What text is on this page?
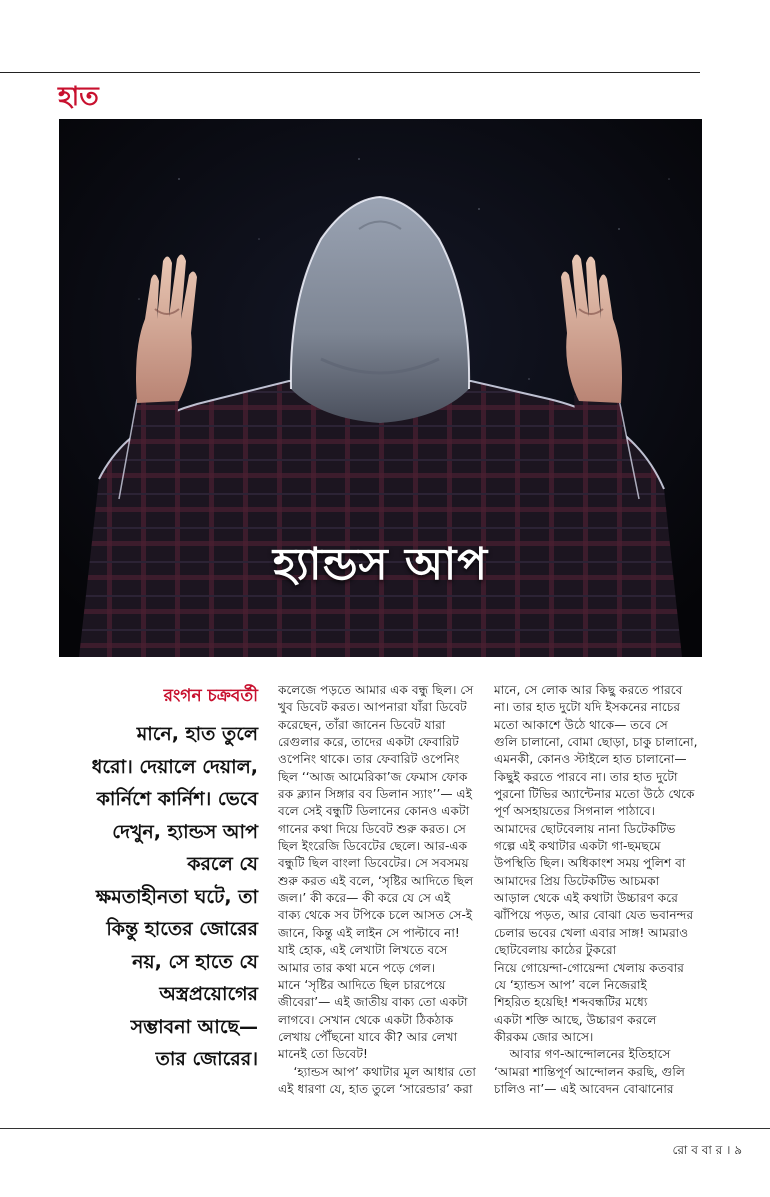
হাত
হ্যান্ডস আপ
রংগন চক্রবর্তী
মানে, হাত তুলে
ধরো। দেয়ালে দেয়াল,
কার্নিশে কার্নিশ। ভেবে
দেখুন, হ্যান্ডস আপ
করলে যে
ক্ষমতাহীনতা ঘটে, তা
কিন্তু হাতের জোরের
নয়, সে হাতে যে
অস্ত্রপ্রয়োগের
সম্ভাবনা আছে—
তার জোরের।
কলেজে পড়তে আমার এক বন্ধু ছিল। সে
খুব ডিবেট করত। আপনারা যাঁরা ডিবেট
করেছেন, তাঁরা জানেন ডিবেট যারা
রেগুলার করে, তাদের একটা ফেবারিট
ওপেনিং থাকে। তার ফেবারিট ওপেনিং
ছিল ‘‘আজ আমেরিকা’জ ফেমাস ফোক
রক ক্ল্যান সিঙ্গার বব ডিলান স্যাং’’— এই
বলে সেই বন্ধুটি ডিলানের কোনও একটা
গানের কথা দিয়ে ডিবেট শুরু করত। সে
ছিল ইংরেজি ডিবেটের ছেলে। আর-এক
বন্ধুটি ছিল বাংলা ডিবেটের। সে সবসময়
শুরু করত এই বলে, ‘সৃষ্টির আদিতে ছিল
জল।’ কী করে— কী করে যে সে এই
বাক্য থেকে সব টপিকে চলে আসত সে-ই
জানে, কিন্তু এই লাইন সে পাল্টাবে না!
যাই হোক, এই লেখাটা লিখতে বসে
আমার তার কথা মনে পড়ে গেল।
মানে ‘সৃষ্টির আদিতে ছিল চারপেয়ে
জীবেরা’— এই জাতীয় বাক্য তো একটা
লাগবে। সেখান থেকে একটা ঠিকঠাক
লেখায় পৌঁছনো যাবে কী? আর লেখা
মানেই তো ডিবেট!
‘হ্যান্ডস আপ’ কথাটার মূল আধার তো
এই ধারণা যে, হাত তুলে ‘সারেন্ডার’ করা
মানে, সে লোক আর কিছু করতে পারবে
না। তার হাত দুটো যদি ইসকনের নাচের
মতো আকাশে উঠে থাকে— তবে সে
গুলি চালানো, বোমা ছোড়া, চাকু চালানো,
এমনকী, কোনও স্টাইলে হাত চালানো—
কিছুই করতে পারবে না। তার হাত দুটো
পুরনো টিভির অ্যান্টেনার মতো উঠে থেকে
পূর্ণ অসহায়তের সিগনাল পাঠাবে।
আমাদের ছোটবেলায় নানা ডিটেকটিভ
গল্পে এই কথাটার একটা গা-ছমছমে
উপস্থিতি ছিল। অধিকাংশ সময় পুলিশ বা
আমাদের প্রিয় ডিটেকটিভ আচমকা
আড়াল থেকে এই কথাটা উচ্চারণ করে
ঝাঁপিয়ে পড়ত, আর বোঝা যেত ভবানন্দর
চেলার ভবের খেলা এবার সাঙ্গ! আমরাও
ছোটবেলায় কাঠের টুকরো
নিয়ে গোয়েন্দা-গোয়েন্দা খেলায় কতবার
যে ‘হ্যান্ডস আপ’ বলে নিজেরাই
শিহরিত হয়েছি! শব্দবন্ধটির মধ্যে
একটা শক্তি আছে, উচ্চারণ করলে
কীরকম জোর আসে।
আবার গণ-আন্দোলনের ইতিহাসে
‘আমরা শান্তিপূর্ণ আন্দোলন করছি, গুলি
চালিও না’— এই আবেদন বোঝানোর
রো ব বা র । ৯
